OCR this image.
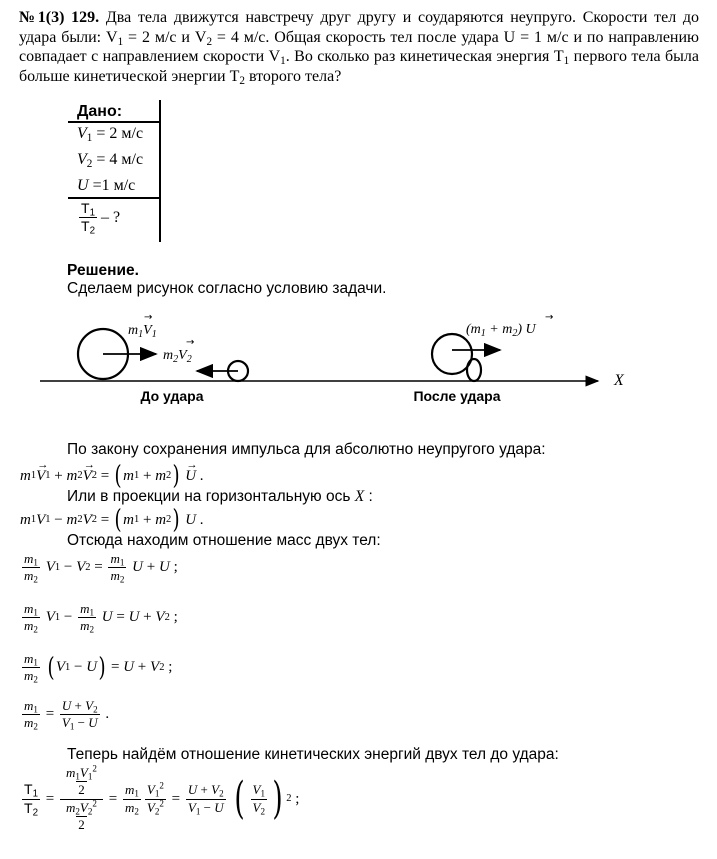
№1(3) 129. Два тела движутся навстречу друг другу и соударяются неупруго. Скорости тел до удара были: $V_1 = 2$ м/с и $V_2 = 4$ м/с. Общая скорость тел после удара U = 1 м/с и по направлению совпадает с направлением скорости $V_1$. Во сколько раз кинетическая энергия $T_1$ первого тела была больше кинетической энергии $T_2$ второго тела?
Дано:
$V_1 = 2$ м/с
$V_2 = 4$ м/с
U =1 м/с
$\frac{T_1}{T_2}$ – ?
Решение.
Сделаем рисунок согласно условию задачи.
X
$m_1V_1$
→
$m_2V_2$
→
До удара
$(m_1 + m_2)$ U
→
После удара
По закону сохранения импульса для абсолютно неупругого удара:
m 1 → V 1 + m 2 → V 2 = ( m 1 + m 2 )
→ U .
Или в проекции на горизонтальную ось X :
m 1 V 1 − m 2 V 2 = ( m 1 + m 2 )
U .
Отсюда находим отношение масс двух тел:
$\frac{m_1}{m_2}$
V 1 − V $2 = \frac{m_1}{m_2}$
U + U ;
$\frac{m_1}{m_2}$
V $1 - \frac{m_1}{m_2}$
U = U + V 2 ;
$\frac{m_1}{m_2}$
( V 1 − U ) = U + V 2 ;
$\frac{m_1}{m_2} = \frac{U + V_2}{V_1 - U}$ .
Теперь найдём отношение кинетических энергий двух тел до удара:
$\frac{T_1}{T_2} = \frac{\frac{m_1V_1^2}{2}}{\frac{m_2V_2^2}{2}} = \frac{m_1}{m_2} \frac{V_1^2}{V_2^2} = \frac{U + V_2}{V_1 - U}$
( $\frac{V_1}{V_2}$ ) 2 ;
